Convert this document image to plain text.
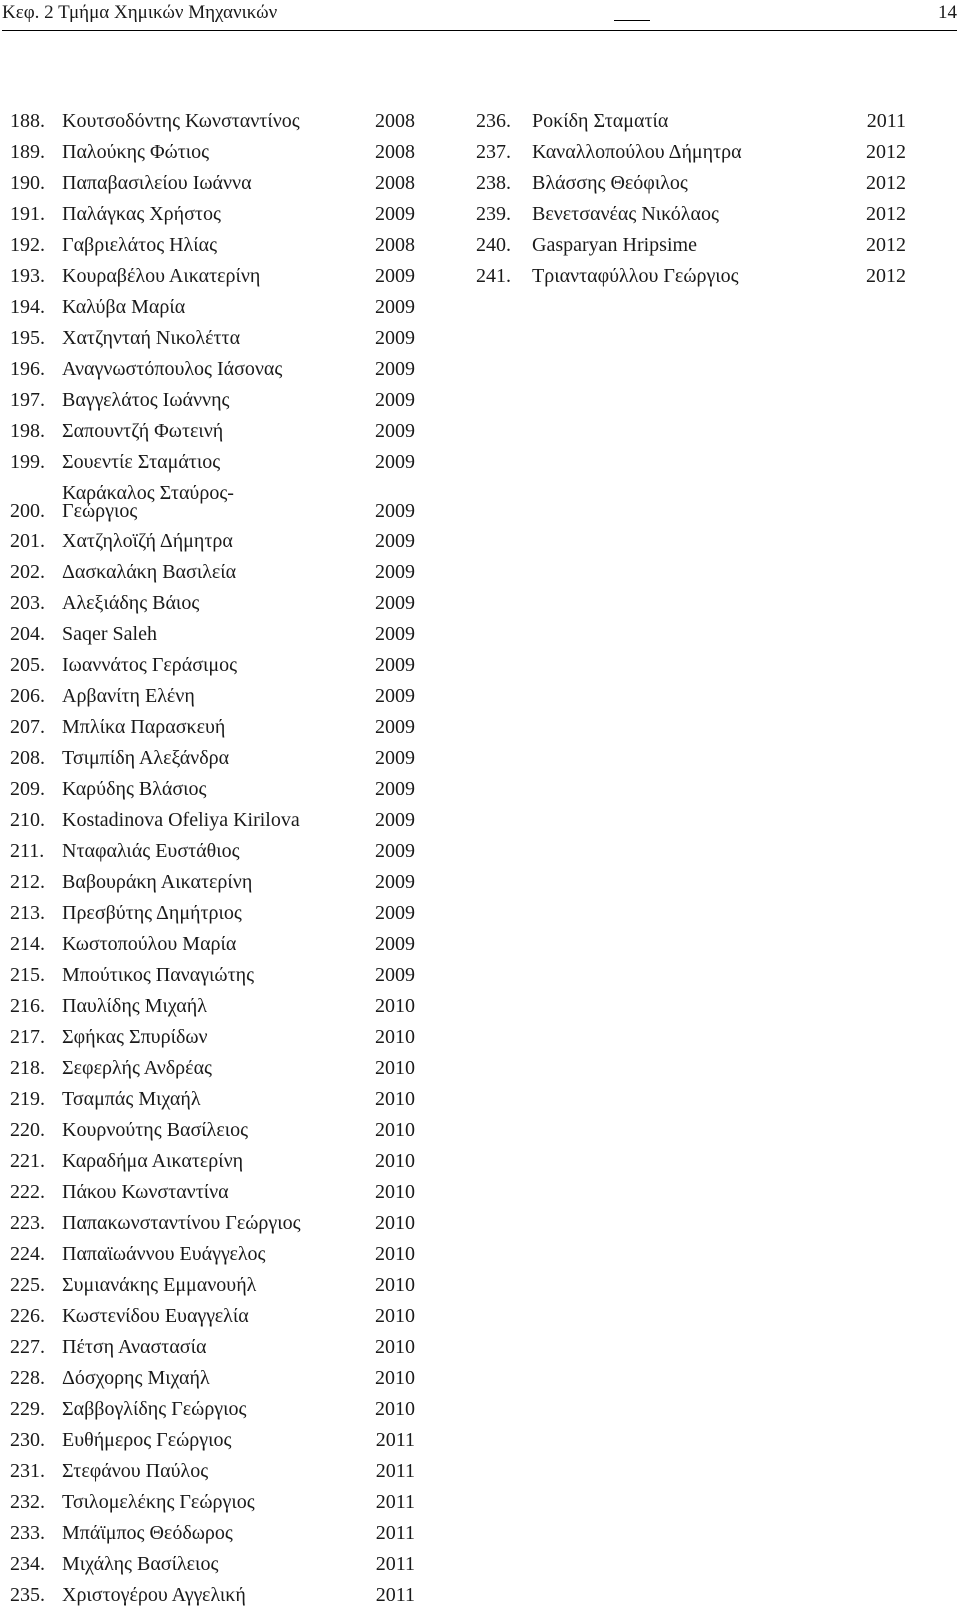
Κεφ. 2 Τμήμα Χημικών Μηχανικών	14
188. Κουτσοδόντης Κωνσταντίνος	2008
189. Παλούκης Φώτιος	2008
190. Παπαβασιλείου Ιωάννα	2008
191. Παλάγκας Χρήστος	2009
192. Γαβριελάτος Ηλίας	2008
193. Κουραβέλου Αικατερίνη	2009
194. Καλύβα Μαρία	2009
195. Χατζηνταή Νικολέττα	2009
196. Αναγνωστόπουλος Ιάσονας	2009
197. Βαγγελάτος Ιωάννης	2009
198. Σαπουντζή Φωτεινή	2009
199. Σουεντίε Σταμάτιος	2009
200.
Καράκαλος Σταύρος-
Γεώργιος	2009
201. Χατζηλοϊζή Δήμητρα	2009
202. Δασκαλάκη Βασιλεία	2009
203. Αλεξιάδης Βάιος	2009
204. Saqer Saleh	2009
205. Ιωαννάτος Γεράσιμος	2009
206. Αρβανίτη Ελένη	2009
207. Μπλίκα Παρασκευή	2009
208. Τσιμπίδη Αλεξάνδρα	2009
209. Καρύδης Βλάσιος	2009
210. Kostadinova Ofeliya Kirilova	2009
211. Νταφαλιάς Ευστάθιος	2009
212. Βαβουράκη Αικατερίνη	2009
213. Πρεσβύτης Δημήτριος	2009
214. Κωστοπούλου Μαρία	2009
215. Μπούτικος Παναγιώτης	2009
216. Παυλίδης Μιχαήλ	2010
217. Σφήκας Σπυρίδων	2010
218. Σεφερλής Ανδρέας	2010
219. Τσαμπάς Μιχαήλ	2010
220. Κουρνούτης Βασίλειος	2010
221. Καραδήμα Αικατερίνη	2010
222. Πάκου Κωνσταντίνα	2010
223. Παπακωνσταντίνου Γεώργιος	2010
224. Παπαϊωάννου Ευάγγελος	2010
225. Συμιανάκης Εμμανουήλ	2010
226. Κωστενίδου Ευαγγελία	2010
227. Πέτση Αναστασία	2010
228. Δόσχορης Μιχαήλ	2010
229. Σαββογλίδης Γεώργιος	2010
230. Ευθήμερος Γεώργιος	2011
231. Στεφάνου Παύλος	2011
232. Τσιλομελέκης Γεώργιος	2011
233. Μπάϊμπος Θεόδωρος	2011
234. Μιχάλης Βασίλειος	2011
235. Χριστογέρου Αγγελική	2011
236. Ροκίδη Σταματία	2011
237. Καναλλοπούλου Δήμητρα	2012
238. Βλάσσης Θεόφιλος	2012
239. Βενετσανέας Νικόλαος	2012
240. Gasparyan Hripsime	2012
241. Τριανταφύλλου Γεώργιος	2012
